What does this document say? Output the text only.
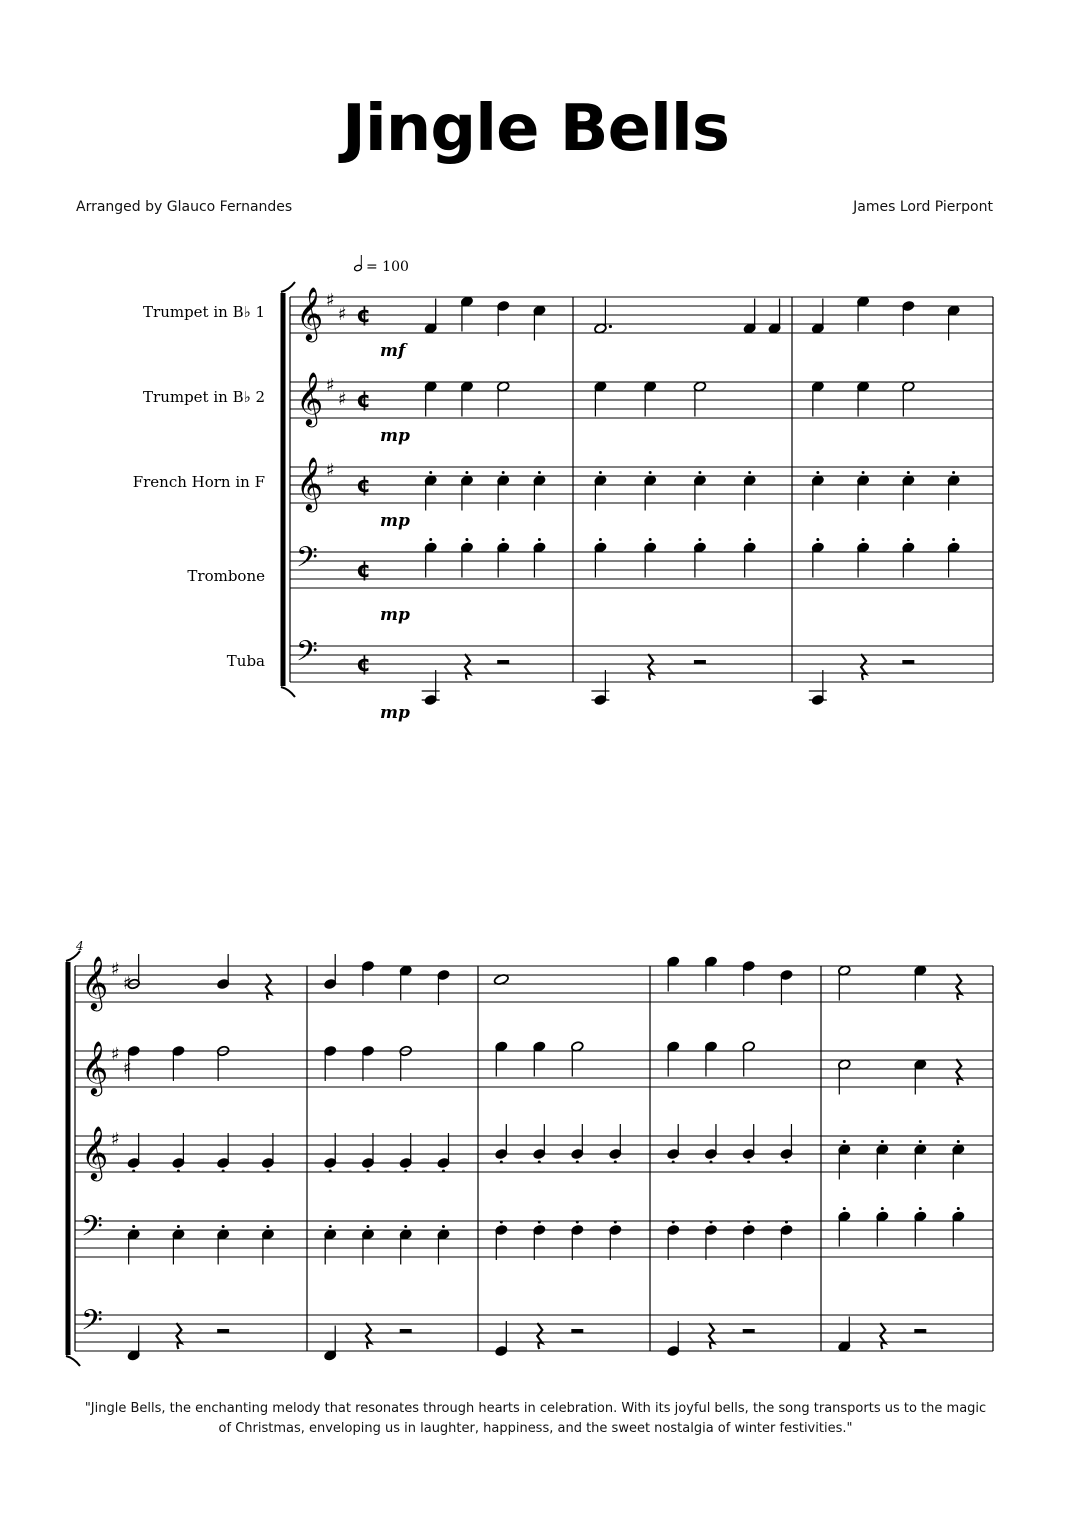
Jingle Bells
Arranged by Glauco Fernandes	James Lord Pierpont
= 100
Trumpet in B♭ 1
Trumpet in B♭ 2
French Horn in F
Trombone
Tuba
mf
mp
mp
mp
mp
4
𝄞 ♯
♯ ¢
𝄞 ♯
♯ ¢
𝄞 ♯
¢
𝄢 ¢
𝄢 ¢
𝄞 ♯
♯
𝄞 ♯
♯
𝄞 ♯
𝄢
𝄢
"Jingle Bells, the enchanting melody that resonates through hearts in celebration. With its joyful bells, the song transports us to the magic of Christmas, enveloping us in laughter, happiness, and the sweet nostalgia of winter festivities."
